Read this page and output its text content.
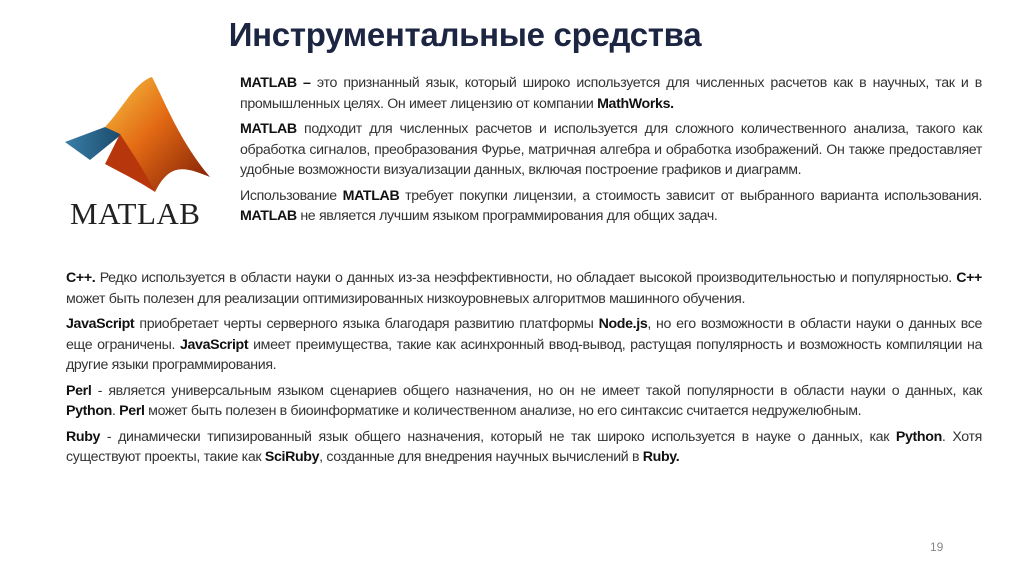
Инструментальные средства
MATLAB

MATLAB – это признанный язык, который широко используется для численных расчетов как в научных, так и в промышленных целях. Он имеет лицензию от компании MathWorks.

MATLAB подходит для численных расчетов и используется для сложного количественного анализа, такого как обработка сигналов, преобразования Фурье, матричная алгебра и обработка изображений. Он также предоставляет удобные возможности визуализации данных, включая построение графиков и диаграмм.

Использование MATLAB требует покупки лицензии, а стоимость зависит от выбранного варианта использования. MATLAB не является лучшим языком программирования для общих задач.

C++. Редко используется в области науки о данных из-за неэффективности, но обладает высокой производительностью и популярностью. C++ может быть полезен для реализации оптимизированных низкоуровневых алгоритмов машинного обучения.

JavaScript приобретает черты серверного языка благодаря развитию платформы Node.js, но его возможности в области науки о данных все еще ограничены. JavaScript имеет преимущества, такие как асинхронный ввод-вывод, растущая популярность и возможность компиляции на другие языки программирования.

Perl - является универсальным языком сценариев общего назначения, но он не имеет такой популярности в области науки о данных, как Python. Perl может быть полезен в биоинформатике и количественном анализе, но его синтаксис считается недружелюбным.

Ruby - динамически типизированный язык общего назначения, который не так широко используется в науке о данных, как Python. Хотя существуют проекты, такие как SciRuby, созданные для внедрения научных вычислений в Ruby.

19
